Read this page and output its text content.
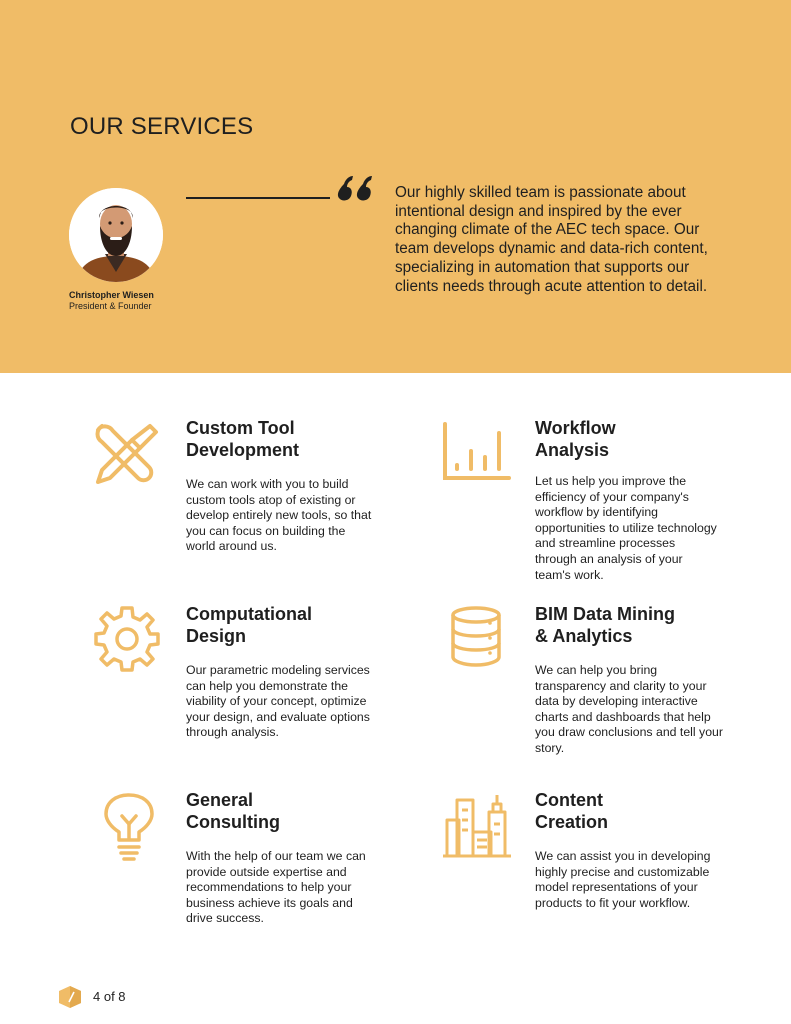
OUR SERVICES
Christopher Wiesen
President & Founder

Our highly skilled team is passionate about intentional design and inspired by the ever changing climate of the AEC tech space. Our team develops dynamic and data-rich content, specializing in automation that supports our clients needs through acute attention to detail.

Custom Tool
Development

We can work with you to build custom tools atop of existing or develop entirely new tools, so that you can focus on building the world around us.

Workflow
Analysis

Let us help you improve the efficiency of your company's workflow by identifying opportunities to utilize technology and streamline processes through an analysis of your team's work.

Computational
Design

Our parametric modeling services can help you demonstrate the viability of your concept, optimize your design, and evaluate options through analysis.

BIM Data Mining
& Analytics

We can help you bring transparency and clarity to your data by developing interactive charts and dashboards that help you draw conclusions and tell your story.

General
Consulting

With the help of our team we can provide outside expertise and recommendations to help your business achieve its goals and drive success.

Content
Creation

We can assist you in developing highly precise and customizable model representations of your products to fit your workflow.

4 of 8
